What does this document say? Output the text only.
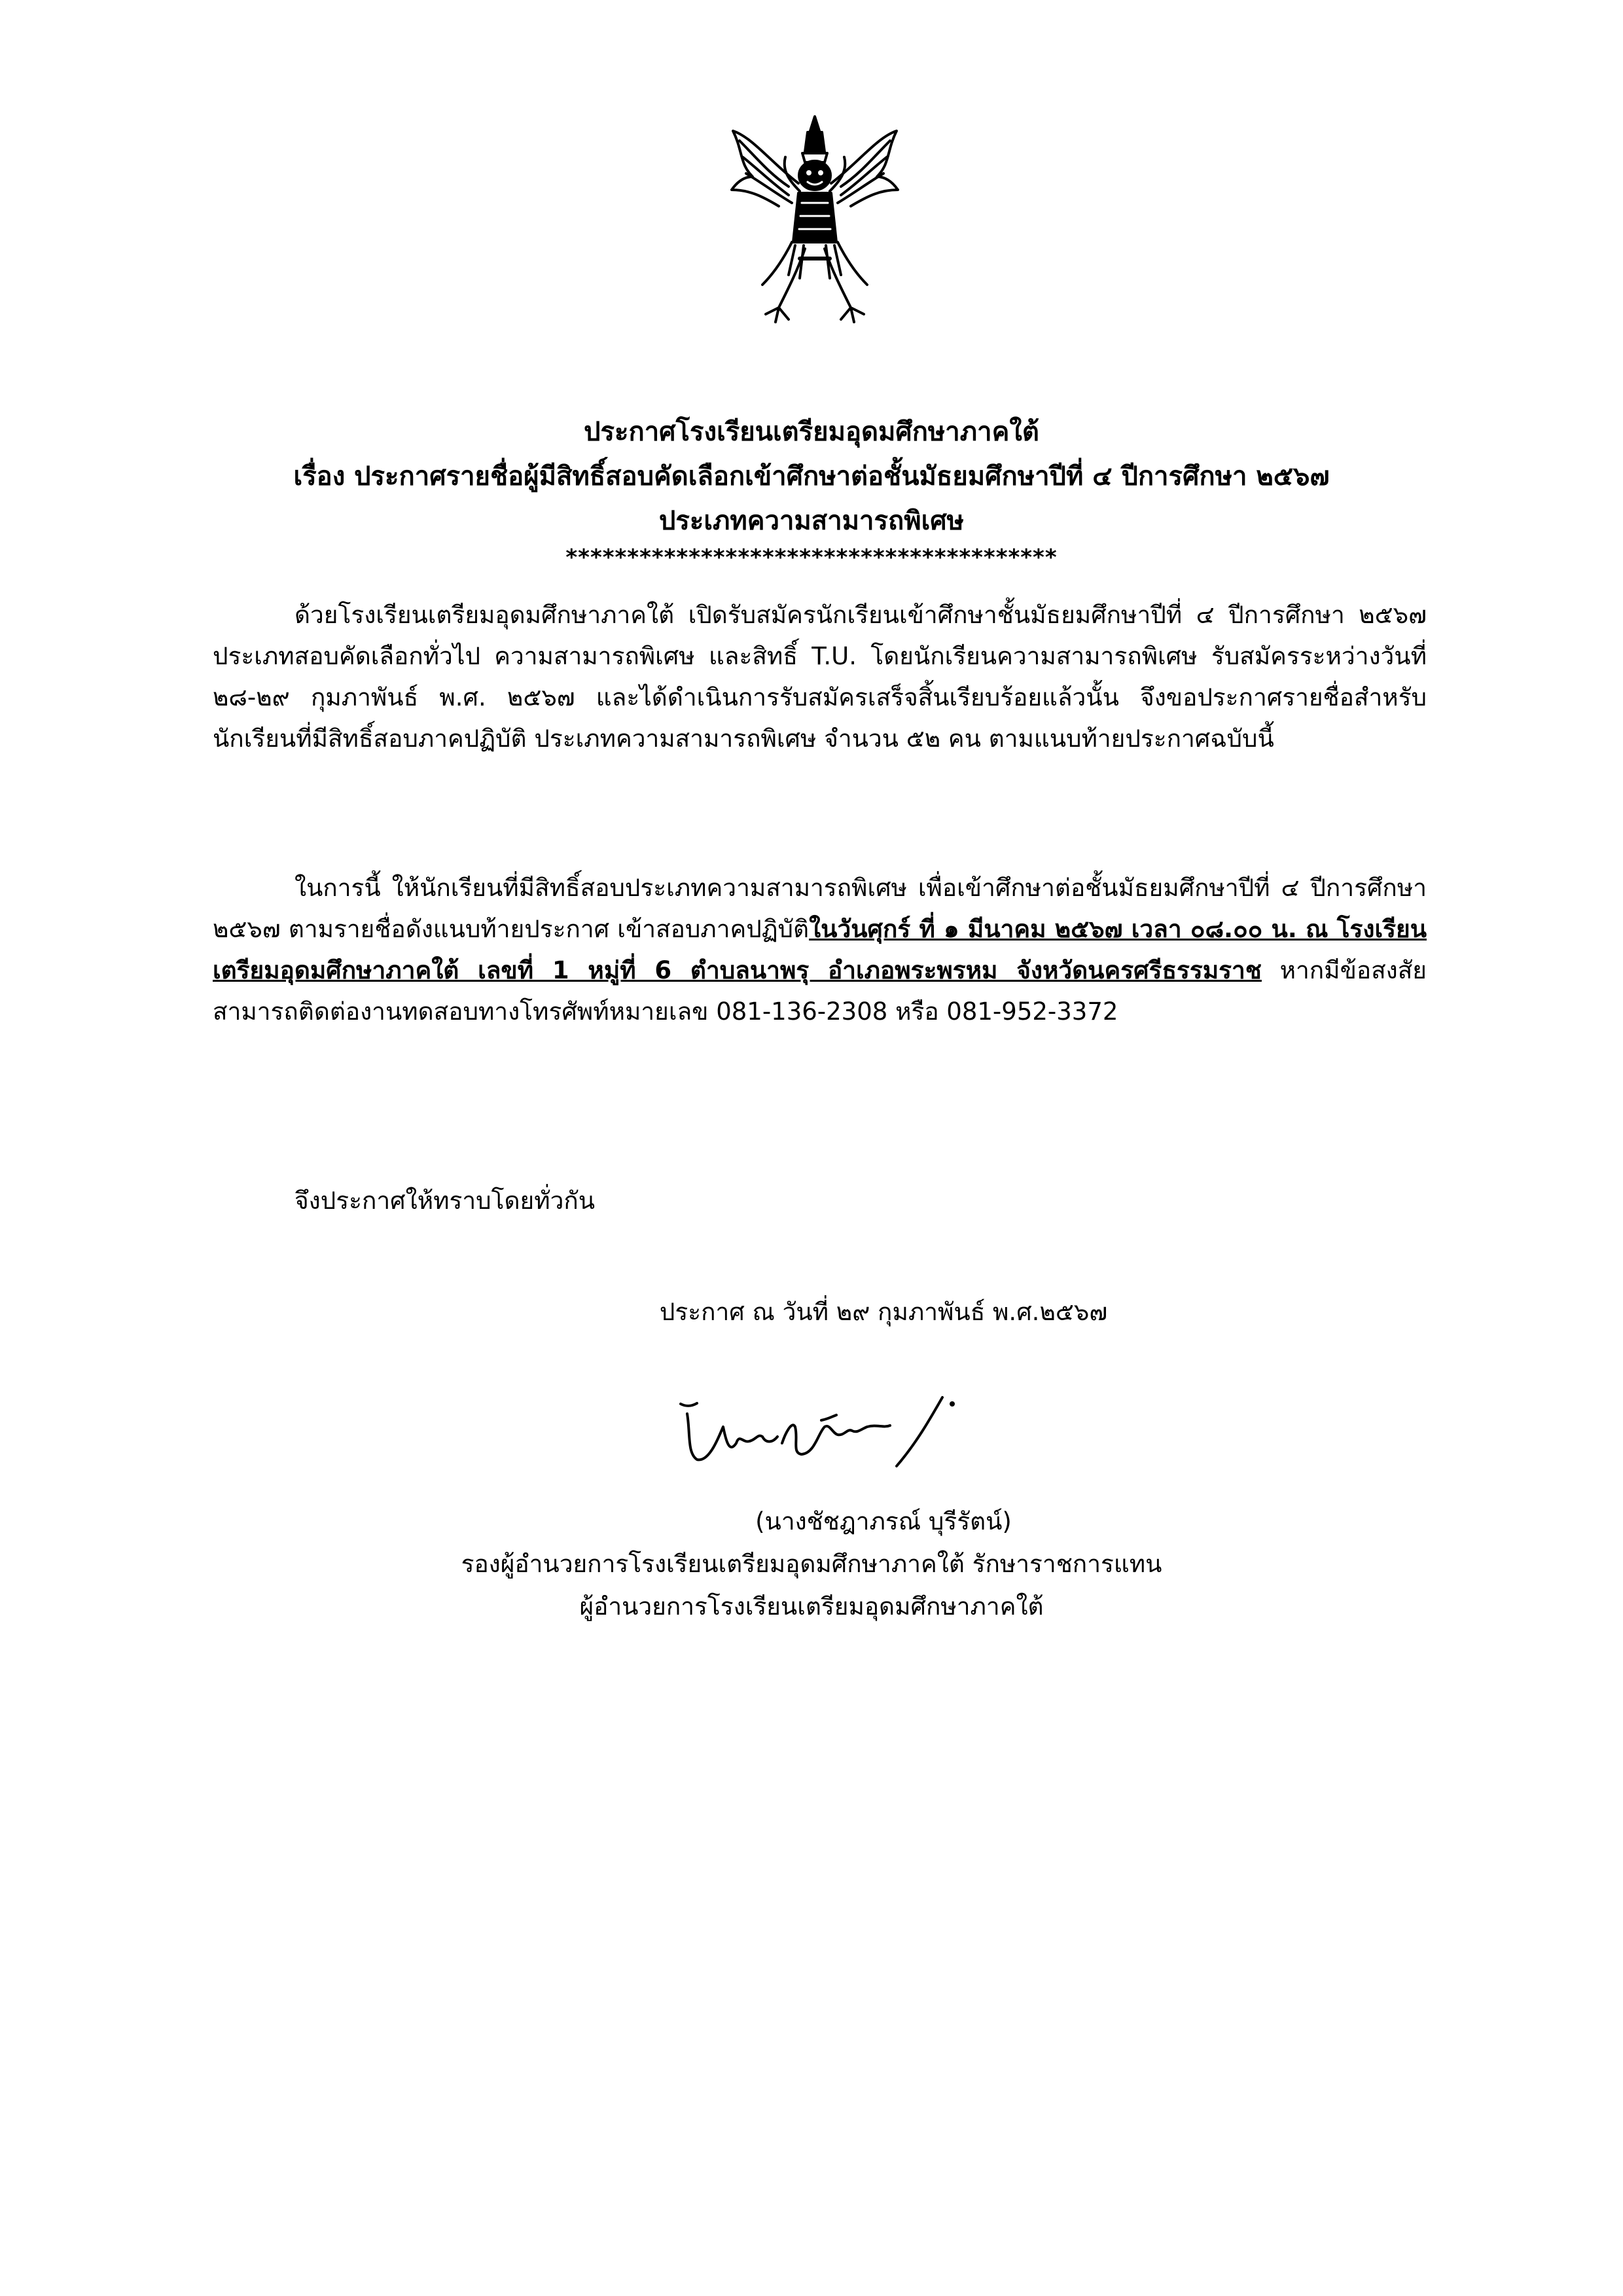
ประกาศโรงเรียนเตรียมอุดมศึกษาภาคใต้
เรื่อง ประกาศรายชื่อผู้มีสิทธิ์สอบคัดเลือกเข้าศึกษาต่อชั้นมัธยมศึกษาปีที่ ๔ ปีการศึกษา ๒๕๖๗
ประเภทความสามารถพิเศษ
****************************************
ด้วยโรงเรียนเตรียมอุดมศึกษาภาคใต้ เปิดรับสมัครนักเรียนเข้าศึกษาชั้นมัธยมศึกษาปีที่ ๔ ปีการศึกษา ๒๕๖๗ ประเภทสอบคัดเลือกทั่วไป ความสามารถพิเศษ และสิทธิ์ T.U. โดยนักเรียนความสามารถพิเศษ รับสมัครระหว่างวันที่ ๒๘-๒๙ กุมภาพันธ์ พ.ศ. ๒๕๖๗ และได้ดำเนินการรับสมัครเสร็จสิ้นเรียบร้อยแล้วนั้น จึงขอประกาศรายชื่อสำหรับนักเรียนที่มีสิทธิ์สอบภาคปฏิบัติ ประเภทความสามารถพิเศษ จำนวน ๕๒ คน ตามแนบท้ายประกาศฉบับนี้
ในการนี้ ให้นักเรียนที่มีสิทธิ์สอบประเภทความสามารถพิเศษ เพื่อเข้าศึกษาต่อชั้นมัธยมศึกษาปีที่ ๔ ปีการศึกษา ๒๕๖๗ ตามรายชื่อดังแนบท้ายประกาศ เข้าสอบภาคปฏิบัติในวันศุกร์ ที่ ๑ มีนาคม ๒๕๖๗ เวลา ๐๘.๐๐ น. ณ โรงเรียนเตรียมอุดมศึกษาภาคใต้ เลขที่ 1 หมู่ที่ 6 ตำบลนาพรุ อำเภอพระพรหม จังหวัดนครศรีธรรมราช หากมีข้อสงสัยสามารถติดต่องานทดสอบทางโทรศัพท์หมายเลข 081-136-2308 หรือ 081-952-3372
จึงประกาศให้ทราบโดยทั่วกัน
ประกาศ ณ วันที่ ๒๙ กุมภาพันธ์ พ.ศ.๒๕๖๗
(นางชัชฎาภรณ์ บุรีรัตน์)
รองผู้อำนวยการโรงเรียนเตรียมอุดมศึกษาภาคใต้ รักษาราชการแทน
ผู้อำนวยการโรงเรียนเตรียมอุดมศึกษาภาคใต้
